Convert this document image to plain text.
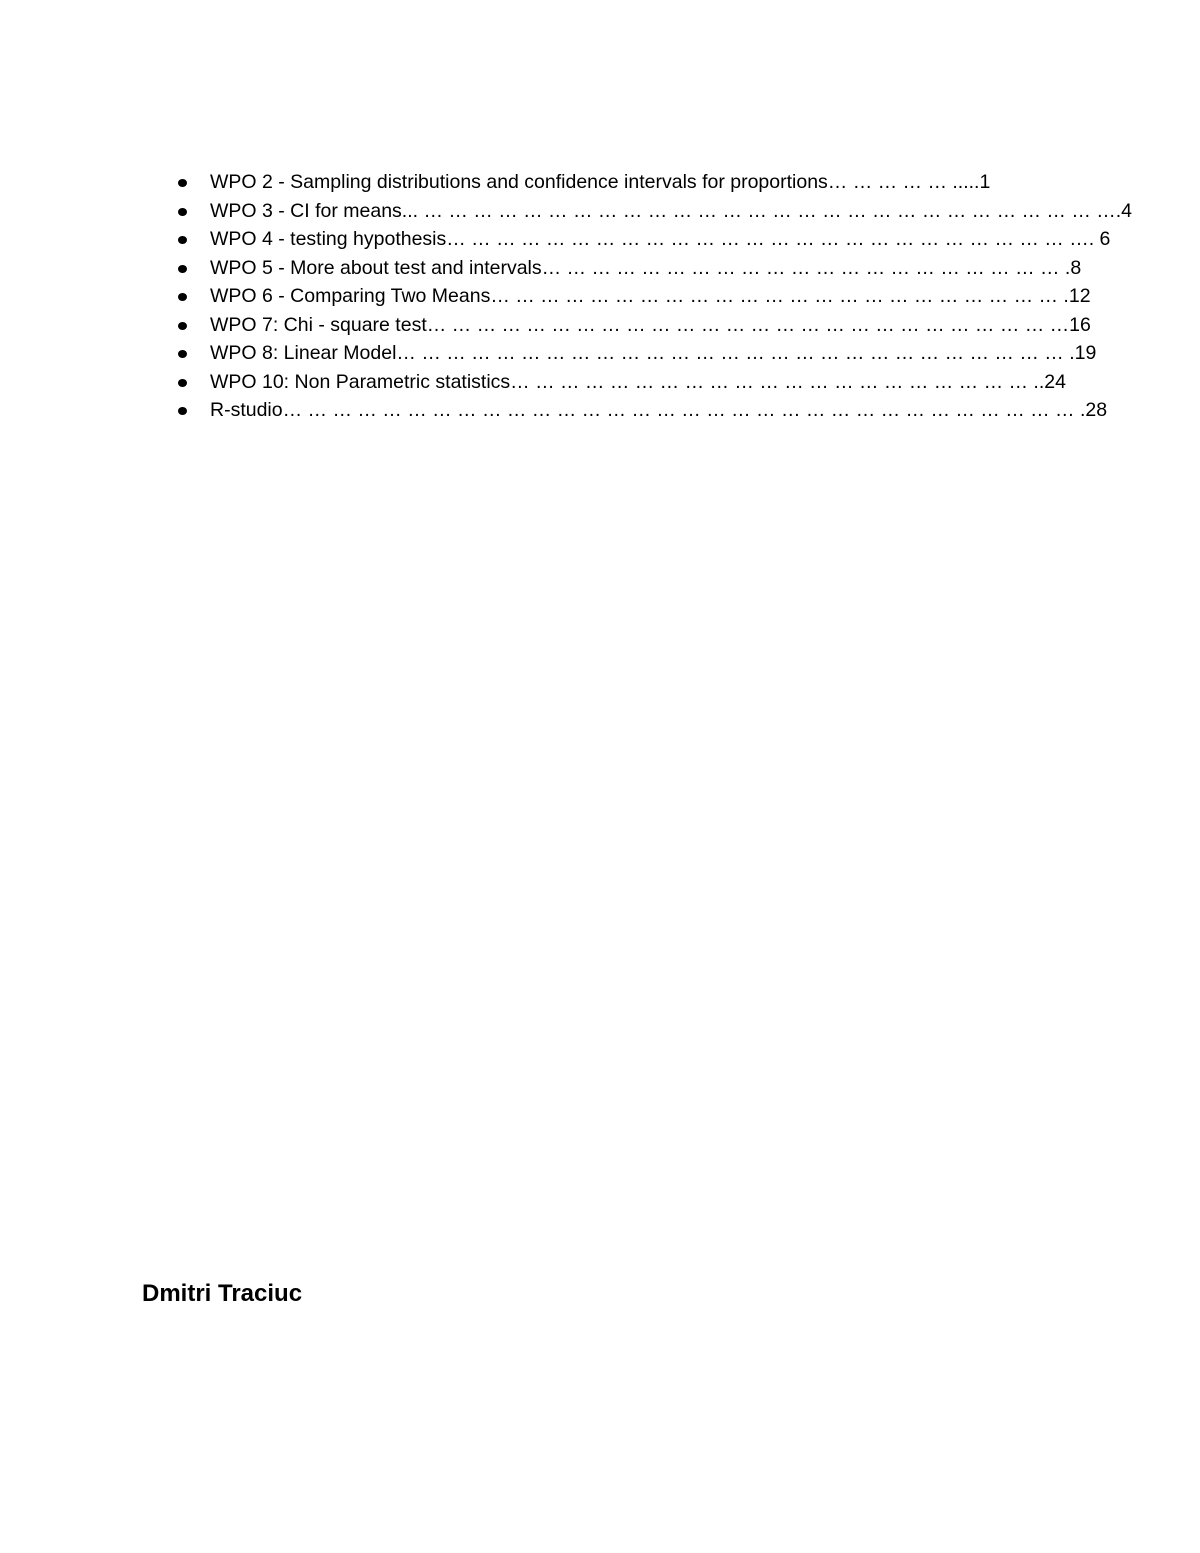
WPO 2 - Sampling distributions and confidence intervals for proportions… … … … … .....1
WPO 3 - CI for means... … … … … … … … … … … … … … … … … … … … … … … … … … … … ….4
WPO 4 - testing hypothesis… … … … … … … … … … … … … … … … … … … … … … … … … …. 6
WPO 5 - More about test and intervals… … … … … … … … … … … … … … … … … … … … … .8
WPO 6 - Comparing Two Means… … … … … … … … … … … … … … … … … … … … … … … .12
WPO 7: Chi - square test… … … … … … … … … … … … … … … … … … … … … … … … … …16
WPO 8: Linear Model… … … … … … … … … … … … … … … … … … … … … … … … … … … .19
WPO 10: Non Parametric statistics… … … … … … … … … … … … … … … … … … … … … ..24
R-studio… … … … … … … … … … … … … … … … … … … … … … … … … … … … … … … … .28
Dmitri Traciuc
